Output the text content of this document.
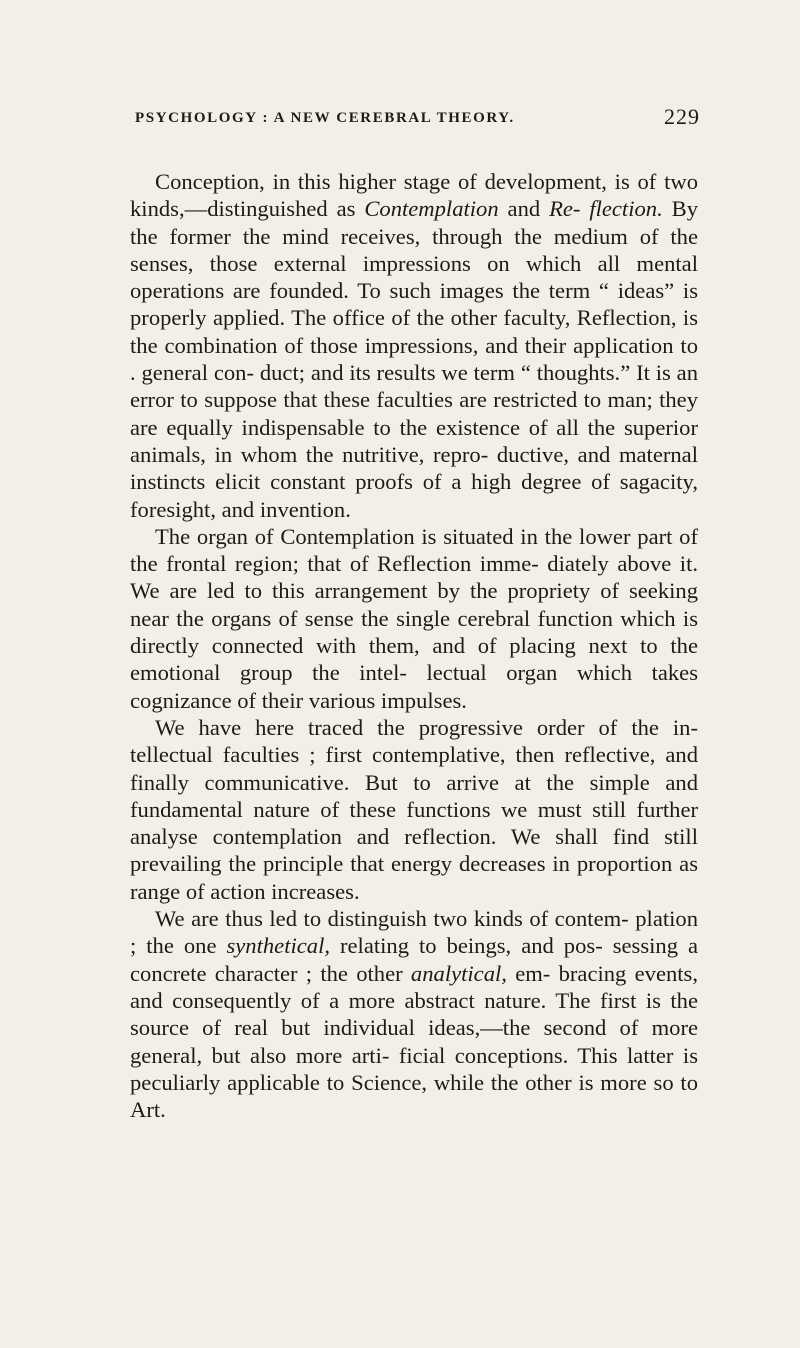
PSYCHOLOGY : A NEW CEREBRAL THEORY.	229

Conception, in this higher stage of development, is of two kinds,—distinguished as Contemplation and Re- flection. By the former the mind receives, through the medium of the senses, those external impressions on which all mental operations are founded. To such images the term “ ideas” is properly applied. The office of the other faculty, Reflection, is the combination of those impressions, and their application to . general con- duct; and its results we term “ thoughts.” It is an error to suppose that these faculties are restricted to man; they are equally indispensable to the existence of all the superior animals, in whom the nutritive, repro- ductive, and maternal instincts elicit constant proofs of a high degree of sagacity, foresight, and invention.

The organ of Contemplation is situated in the lower part of the frontal region; that of Reflection imme- diately above it. We are led to this arrangement by the propriety of seeking near the organs of sense the single cerebral function which is directly connected with them, and of placing next to the emotional group the intel- lectual organ which takes cognizance of their various impulses.

We have here traced the progressive order of the in- tellectual faculties ; first contemplative, then reflective, and finally communicative. But to arrive at the simple and fundamental nature of these functions we must still further analyse contemplation and reflection. We shall find still prevailing the principle that energy decreases in proportion as range of action increases.

We are thus led to distinguish two kinds of contem- plation ; the one synthetical, relating to beings, and pos- sessing a concrete character ; the other analytical, em- bracing events, and consequently of a more abstract nature. The first is the source of real but individual ideas,—the second of more general, but also more arti- ficial conceptions. This latter is peculiarly applicable to Science, while the other is more so to Art.
